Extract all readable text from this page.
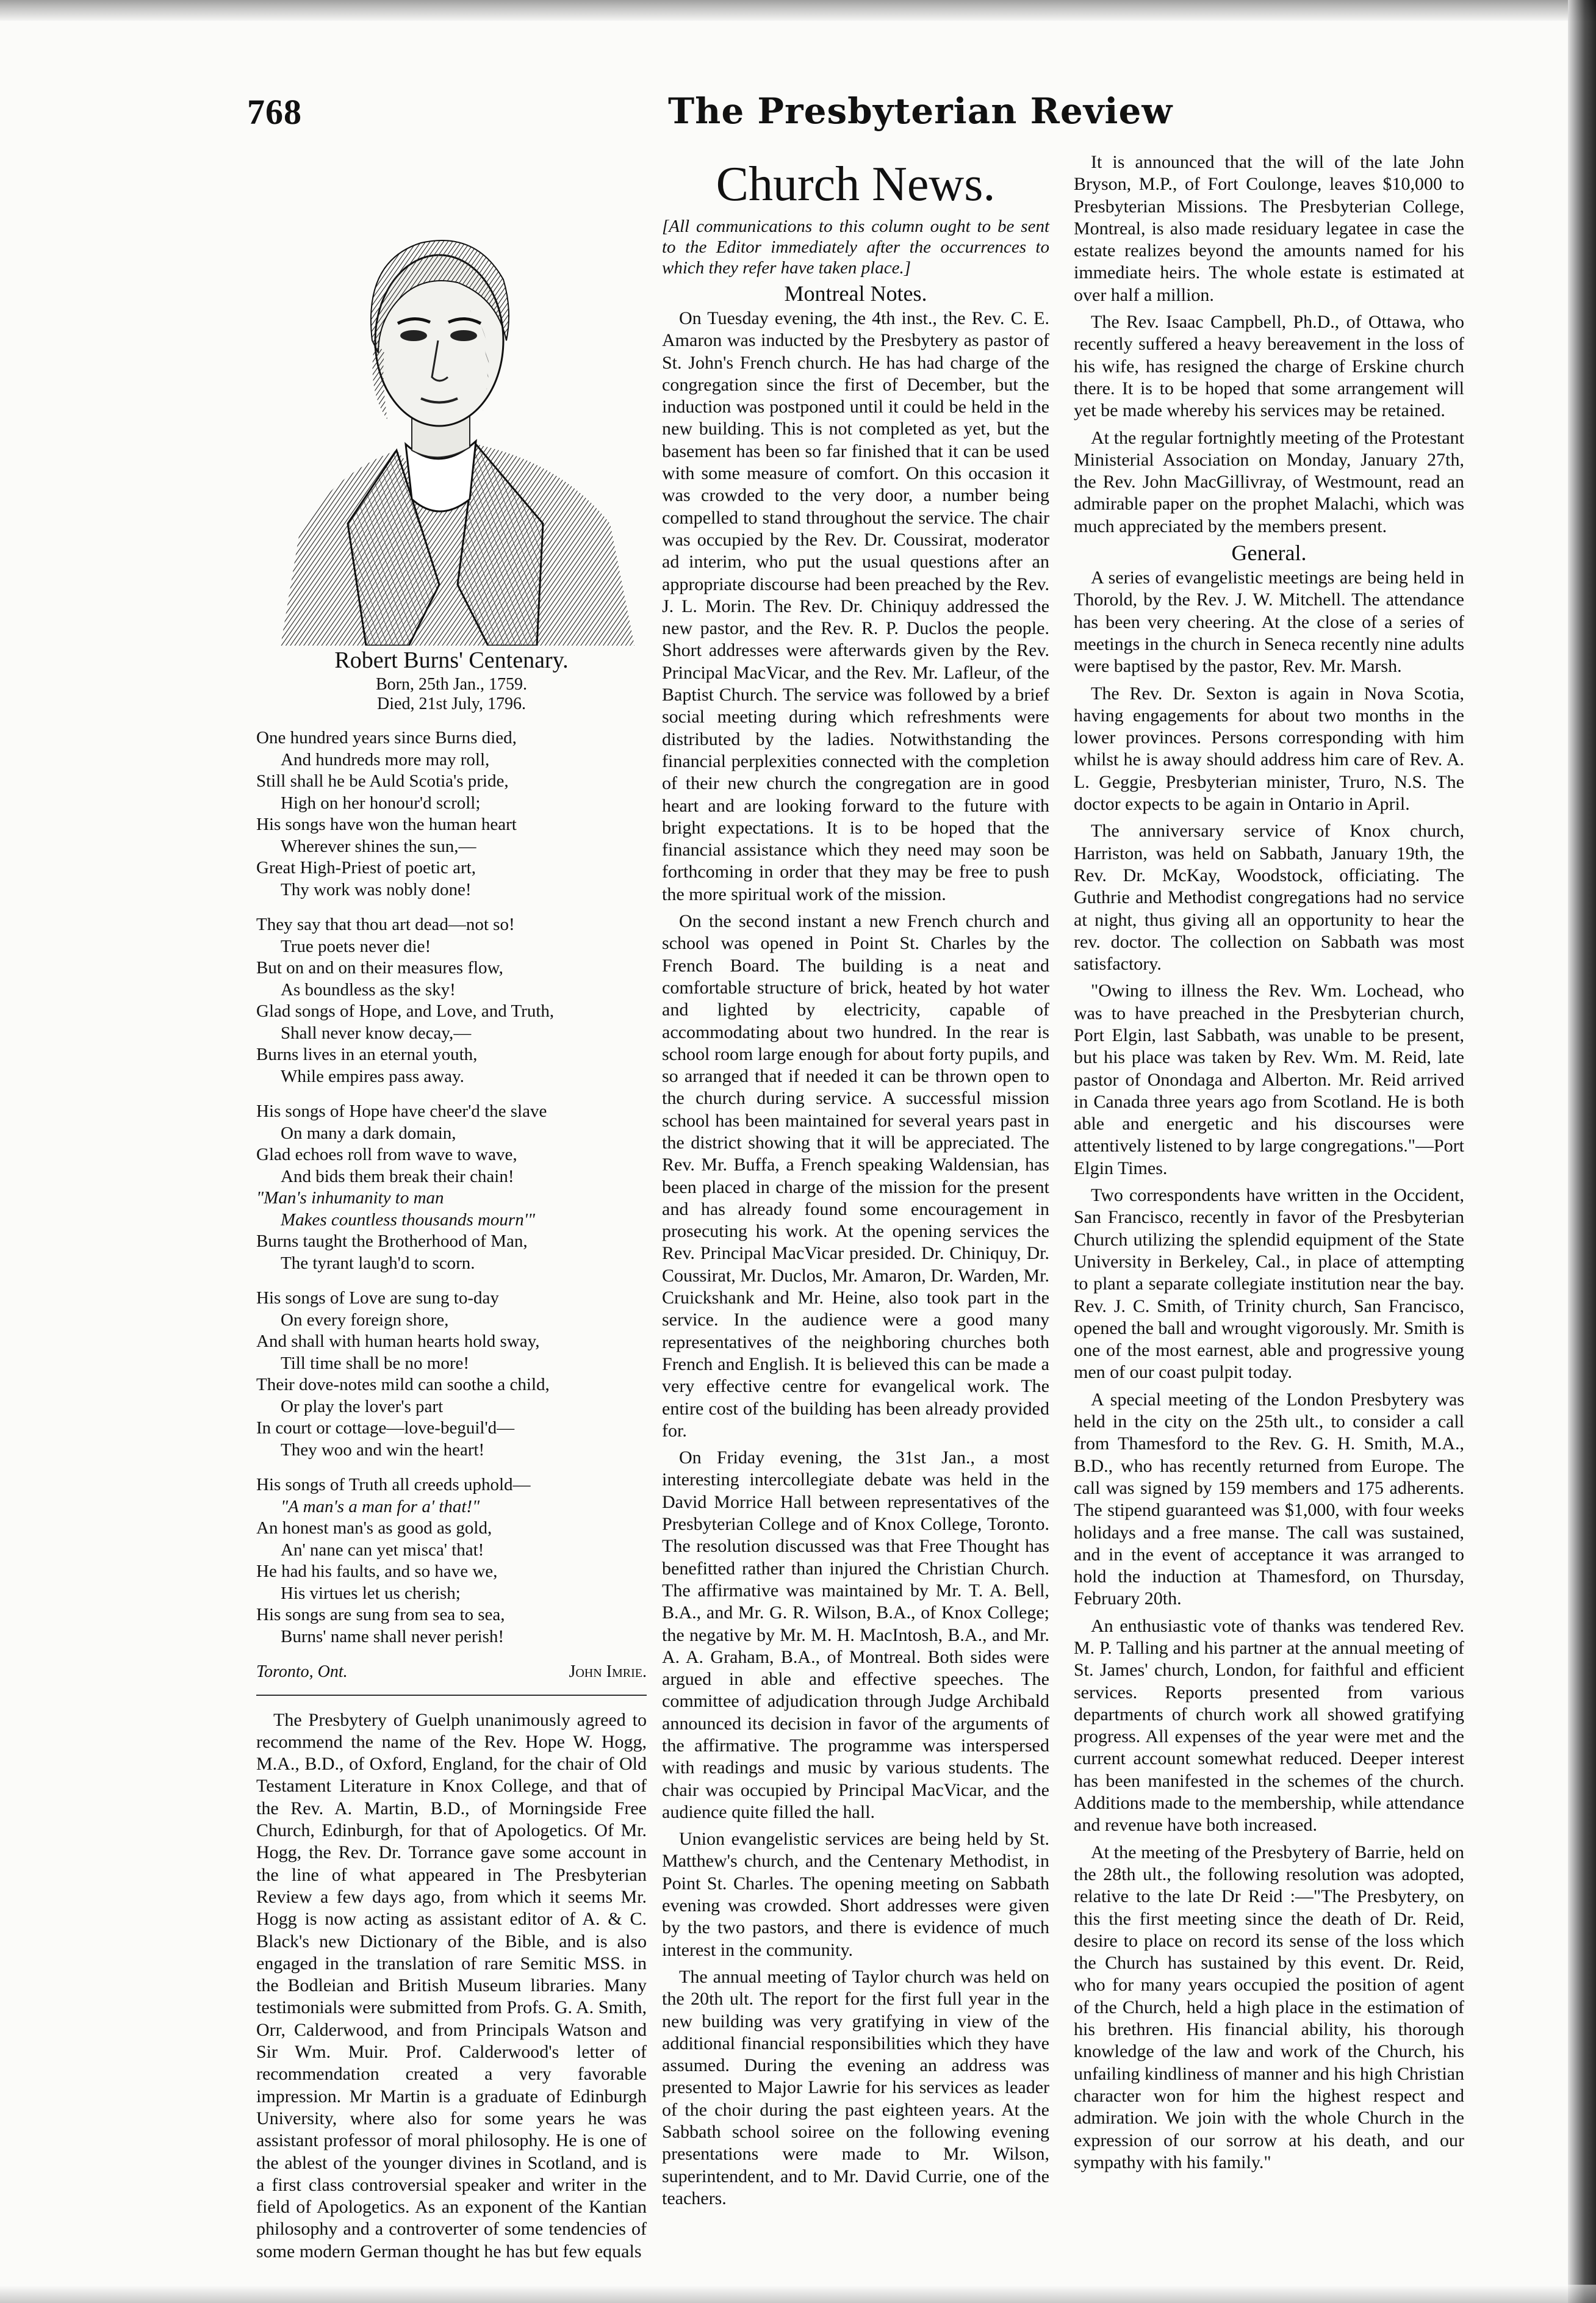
768	The Presbyterian Review
Robert Burns' Centenary.
Born, 25th Jan., 1759.
Died, 21st July, 1796.
One hundred years since Burns died,
And hundreds more may roll,
Still shall he be Auld Scotia's pride,
High on her honour'd scroll;
His songs have won the human heart
Wherever shines the sun,—
Great High-Priest of poetic art,
Thy work was nobly done!
They say that thou art dead—not so!
True poets never die!
But on and on their measures flow,
As boundless as the sky!
Glad songs of Hope, and Love, and Truth,
Shall never know decay,—
Burns lives in an eternal youth,
While empires pass away.
His songs of Hope have cheer'd the slave
On many a dark domain,
Glad echoes roll from wave to wave,
And bids them break their chain!
"Man's inhumanity to man
Makes countless thousands mourn'"
Burns taught the Brotherhood of Man,
The tyrant laugh'd to scorn.
His songs of Love are sung to-day
On every foreign shore,
And shall with human hearts hold sway,
Till time shall be no more!
Their dove-notes mild can soothe a child,
Or play the lover's part
In court or cottage—love-beguil'd—
They woo and win the heart!
His songs of Truth all creeds uphold—
"A man's a man for a' that!"
An honest man's as good as gold,
An' nane can yet misca' that!
He had his faults, and so have we,
His virtues let us cherish;
His songs are sung from sea to sea,
Burns' name shall never perish!
Toronto, Ont.	John Imrie.

The Presbytery of Guelph unanimously agreed to recommend the name of the Rev. Hope W. Hogg, M.A., B.D., of Oxford, England, for the chair of Old Testament Literature in Knox College, and that of the Rev. A. Martin, B.D., of Morningside Free Church, Edinburgh, for that of Apologetics. Of Mr. Hogg, the Rev. Dr. Torrance gave some account in the line of what appeared in The Presbyterian Review a few days ago, from which it seems Mr. Hogg is now acting as assistant editor of A. & C. Black's new Dictionary of the Bible, and is also engaged in the translation of rare Semitic MSS. in the Bodleian and British Museum libraries. Many testimonials were submitted from Profs. G. A. Smith, Orr, Calderwood, and from Principals Watson and Sir Wm. Muir. Prof. Calderwood's letter of recommendation created a very favorable impression. Mr Martin is a graduate of Edinburgh University, where also for some years he was assistant professor of moral philosophy. He is one of the ablest of the younger divines in Scotland, and is a first class controversial speaker and writer in the field of Apologetics. As an exponent of the Kantian philosophy and a controverter of some tendencies of some modern German thought he has but few equals

Church News.
[All communications to this column ought to be sent to the Editor immediately after the occurrences to which they refer have taken place.]
Montreal Notes.

On Tuesday evening, the 4th inst., the Rev. C. E. Amaron was inducted by the Presbytery as pastor of St. John's French church. He has had charge of the congregation since the first of December, but the induction was postponed until it could be held in the new building. This is not completed as yet, but the basement has been so far finished that it can be used with some measure of comfort. On this occasion it was crowded to the very door, a number being compelled to stand throughout the service. The chair was occupied by the Rev. Dr. Coussirat, moderator ad interim, who put the usual questions after an appropriate discourse had been preached by the Rev. J. L. Morin. The Rev. Dr. Chiniquy addressed the new pastor, and the Rev. R. P. Duclos the people. Short addresses were afterwards given by the Rev. Principal MacVicar, and the Rev. Mr. Lafleur, of the Baptist Church. The service was followed by a brief social meeting during which refreshments were distributed by the ladies. Notwithstanding the financial perplexities connected with the completion of their new church the congregation are in good heart and are looking forward to the future with bright expectations. It is to be hoped that the financial assistance which they need may soon be forthcoming in order that they may be free to push the more spiritual work of the mission.

On the second instant a new French church and school was opened in Point St. Charles by the French Board. The building is a neat and comfortable structure of brick, heated by hot water and lighted by electricity, capable of accommodating about two hundred. In the rear is school room large enough for about forty pupils, and so arranged that if needed it can be thrown open to the church during service. A successful mission school has been maintained for several years past in the district showing that it will be appreciated. The Rev. Mr. Buffa, a French speaking Waldensian, has been placed in charge of the mission for the present and has already found some encouragement in prosecuting his work. At the opening services the Rev. Principal MacVicar presided. Dr. Chiniquy, Dr. Coussirat, Mr. Duclos, Mr. Amaron, Dr. Warden, Mr. Cruickshank and Mr. Heine, also took part in the service. In the audience were a good many representatives of the neighboring churches both French and English. It is believed this can be made a very effective centre for evangelical work. The entire cost of the building has been already provided for.

On Friday evening, the 31st Jan., a most interesting intercollegiate debate was held in the David Morrice Hall between representatives of the Presbyterian College and of Knox College, Toronto. The resolution discussed was that Free Thought has benefitted rather than injured the Christian Church. The affirmative was maintained by Mr. T. A. Bell, B.A., and Mr. G. R. Wilson, B.A., of Knox College; the negative by Mr. M. H. MacIntosh, B.A., and Mr. A. A. Graham, B.A., of Montreal. Both sides were argued in able and effective speeches. The committee of adjudication through Judge Archibald announced its decision in favor of the arguments of the affirmative. The programme was interspersed with readings and music by various students. The chair was occupied by Principal MacVicar, and the audience quite filled the hall.

Union evangelistic services are being held by St. Matthew's church, and the Centenary Methodist, in Point St. Charles. The opening meeting on Sabbath evening was crowded. Short addresses were given by the two pastors, and there is evidence of much interest in the community.

The annual meeting of Taylor church was held on the 20th ult. The report for the first full year in the new building was very gratifying in view of the additional financial responsibilities which they have assumed. During the evening an address was presented to Major Lawrie for his services as leader of the choir during the past eighteen years. At the Sabbath school soiree on the following evening presentations were made to Mr. Wilson, superintendent, and to Mr. David Currie, one of the teachers.

It is announced that the will of the late John Bryson, M.P., of Fort Coulonge, leaves $10,000 to Presbyterian Missions. The Presbyterian College, Montreal, is also made residuary legatee in case the estate realizes beyond the amounts named for his immediate heirs. The whole estate is estimated at over half a million.

The Rev. Isaac Campbell, Ph.D., of Ottawa, who recently suffered a heavy bereavement in the loss of his wife, has resigned the charge of Erskine church there. It is to be hoped that some arrangement will yet be made whereby his services may be retained.

At the regular fortnightly meeting of the Protestant Ministerial Association on Monday, January 27th, the Rev. John MacGillivray, of Westmount, read an admirable paper on the prophet Malachi, which was much appreciated by the members present.

General.

A series of evangelistic meetings are being held in Thorold, by the Rev. J. W. Mitchell. The attendance has been very cheering. At the close of a series of meetings in the church in Seneca recently nine adults were baptised by the pastor, Rev. Mr. Marsh.

The Rev. Dr. Sexton is again in Nova Scotia, having engagements for about two months in the lower provinces. Persons corresponding with him whilst he is away should address him care of Rev. A. L. Geggie, Presbyterian minister, Truro, N.S. The doctor expects to be again in Ontario in April.

The anniversary service of Knox church, Harriston, was held on Sabbath, January 19th, the Rev. Dr. McKay, Woodstock, officiating. The Guthrie and Methodist congregations had no service at night, thus giving all an opportunity to hear the rev. doctor. The collection on Sabbath was most satisfactory.

"Owing to illness the Rev. Wm. Lochead, who was to have preached in the Presbyterian church, Port Elgin, last Sabbath, was unable to be present, but his place was taken by Rev. Wm. M. Reid, late pastor of Onondaga and Alberton. Mr. Reid arrived in Canada three years ago from Scotland. He is both able and energetic and his discourses were attentively listened to by large congregations."—Port Elgin Times.

Two correspondents have written in the Occident, San Francisco, recently in favor of the Presbyterian Church utilizing the splendid equipment of the State University in Berkeley, Cal., in place of attempting to plant a separate collegiate institution near the bay. Rev. J. C. Smith, of Trinity church, San Francisco, opened the ball and wrought vigorously. Mr. Smith is one of the most earnest, able and progressive young men of our coast pulpit today.

A special meeting of the London Presbytery was held in the city on the 25th ult., to consider a call from Thamesford to the Rev. G. H. Smith, M.A., B.D., who has recently returned from Europe. The call was signed by 159 members and 175 adherents. The stipend guaranteed was $1,000, with four weeks holidays and a free manse. The call was sustained, and in the event of acceptance it was arranged to hold the induction at Thamesford, on Thursday, February 20th.

An enthusiastic vote of thanks was tendered Rev. M. P. Talling and his partner at the annual meeting of St. James' church, London, for faithful and efficient services. Reports presented from various departments of church work all showed gratifying progress. All expenses of the year were met and the current account somewhat reduced. Deeper interest has been manifested in the schemes of the church. Additions made to the membership, while attendance and revenue have both increased.

At the meeting of the Presbytery of Barrie, held on the 28th ult., the following resolution was adopted, relative to the late Dr Reid :—"The Presbytery, on this the first meeting since the death of Dr. Reid, desire to place on record its sense of the loss which the Church has sustained by this event. Dr. Reid, who for many years occupied the position of agent of the Church, held a high place in the estimation of his brethren. His financial ability, his thorough knowledge of the law and work of the Church, his unfailing kindliness of manner and his high Christian character won for him the highest respect and admiration. We join with the whole Church in the expression of our sorrow at his death, and our sympathy with his family."
